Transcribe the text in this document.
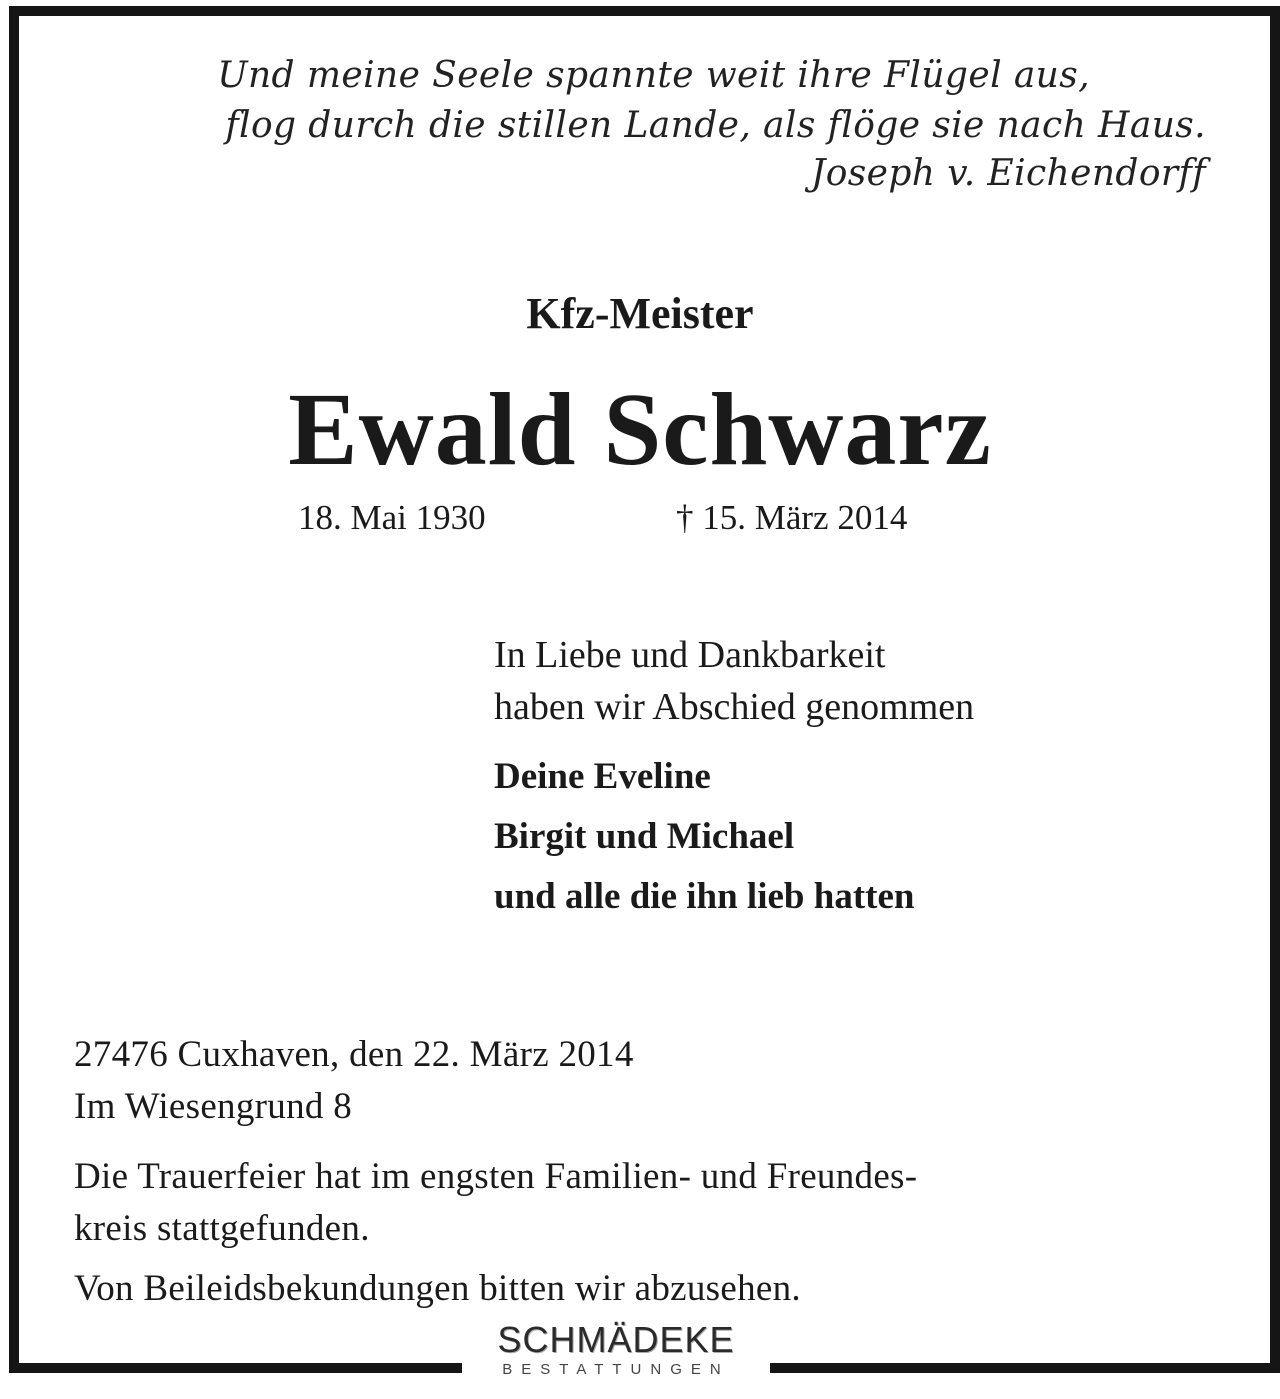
Und meine Seele spannte weit ihre Flügel aus,
flog durch die stillen Lande, als flöge sie nach Haus.
Joseph v. Eichendorff
Kfz-Meister
Ewald Schwarz
18. Mai 1930	† 15. März 2014
In Liebe und Dankbarkeit
haben wir Abschied genommen
Deine Eveline
Birgit und Michael
und alle die ihn lieb hatten
27476 Cuxhaven, den 22. März 2014
Im Wiesengrund 8
Die Trauerfeier hat im engsten Familien- und Freundes-
kreis stattgefunden.
Von Beileidsbekundungen bitten wir abzusehen.
SCHMÄDEKE
BESTATTUNGEN
